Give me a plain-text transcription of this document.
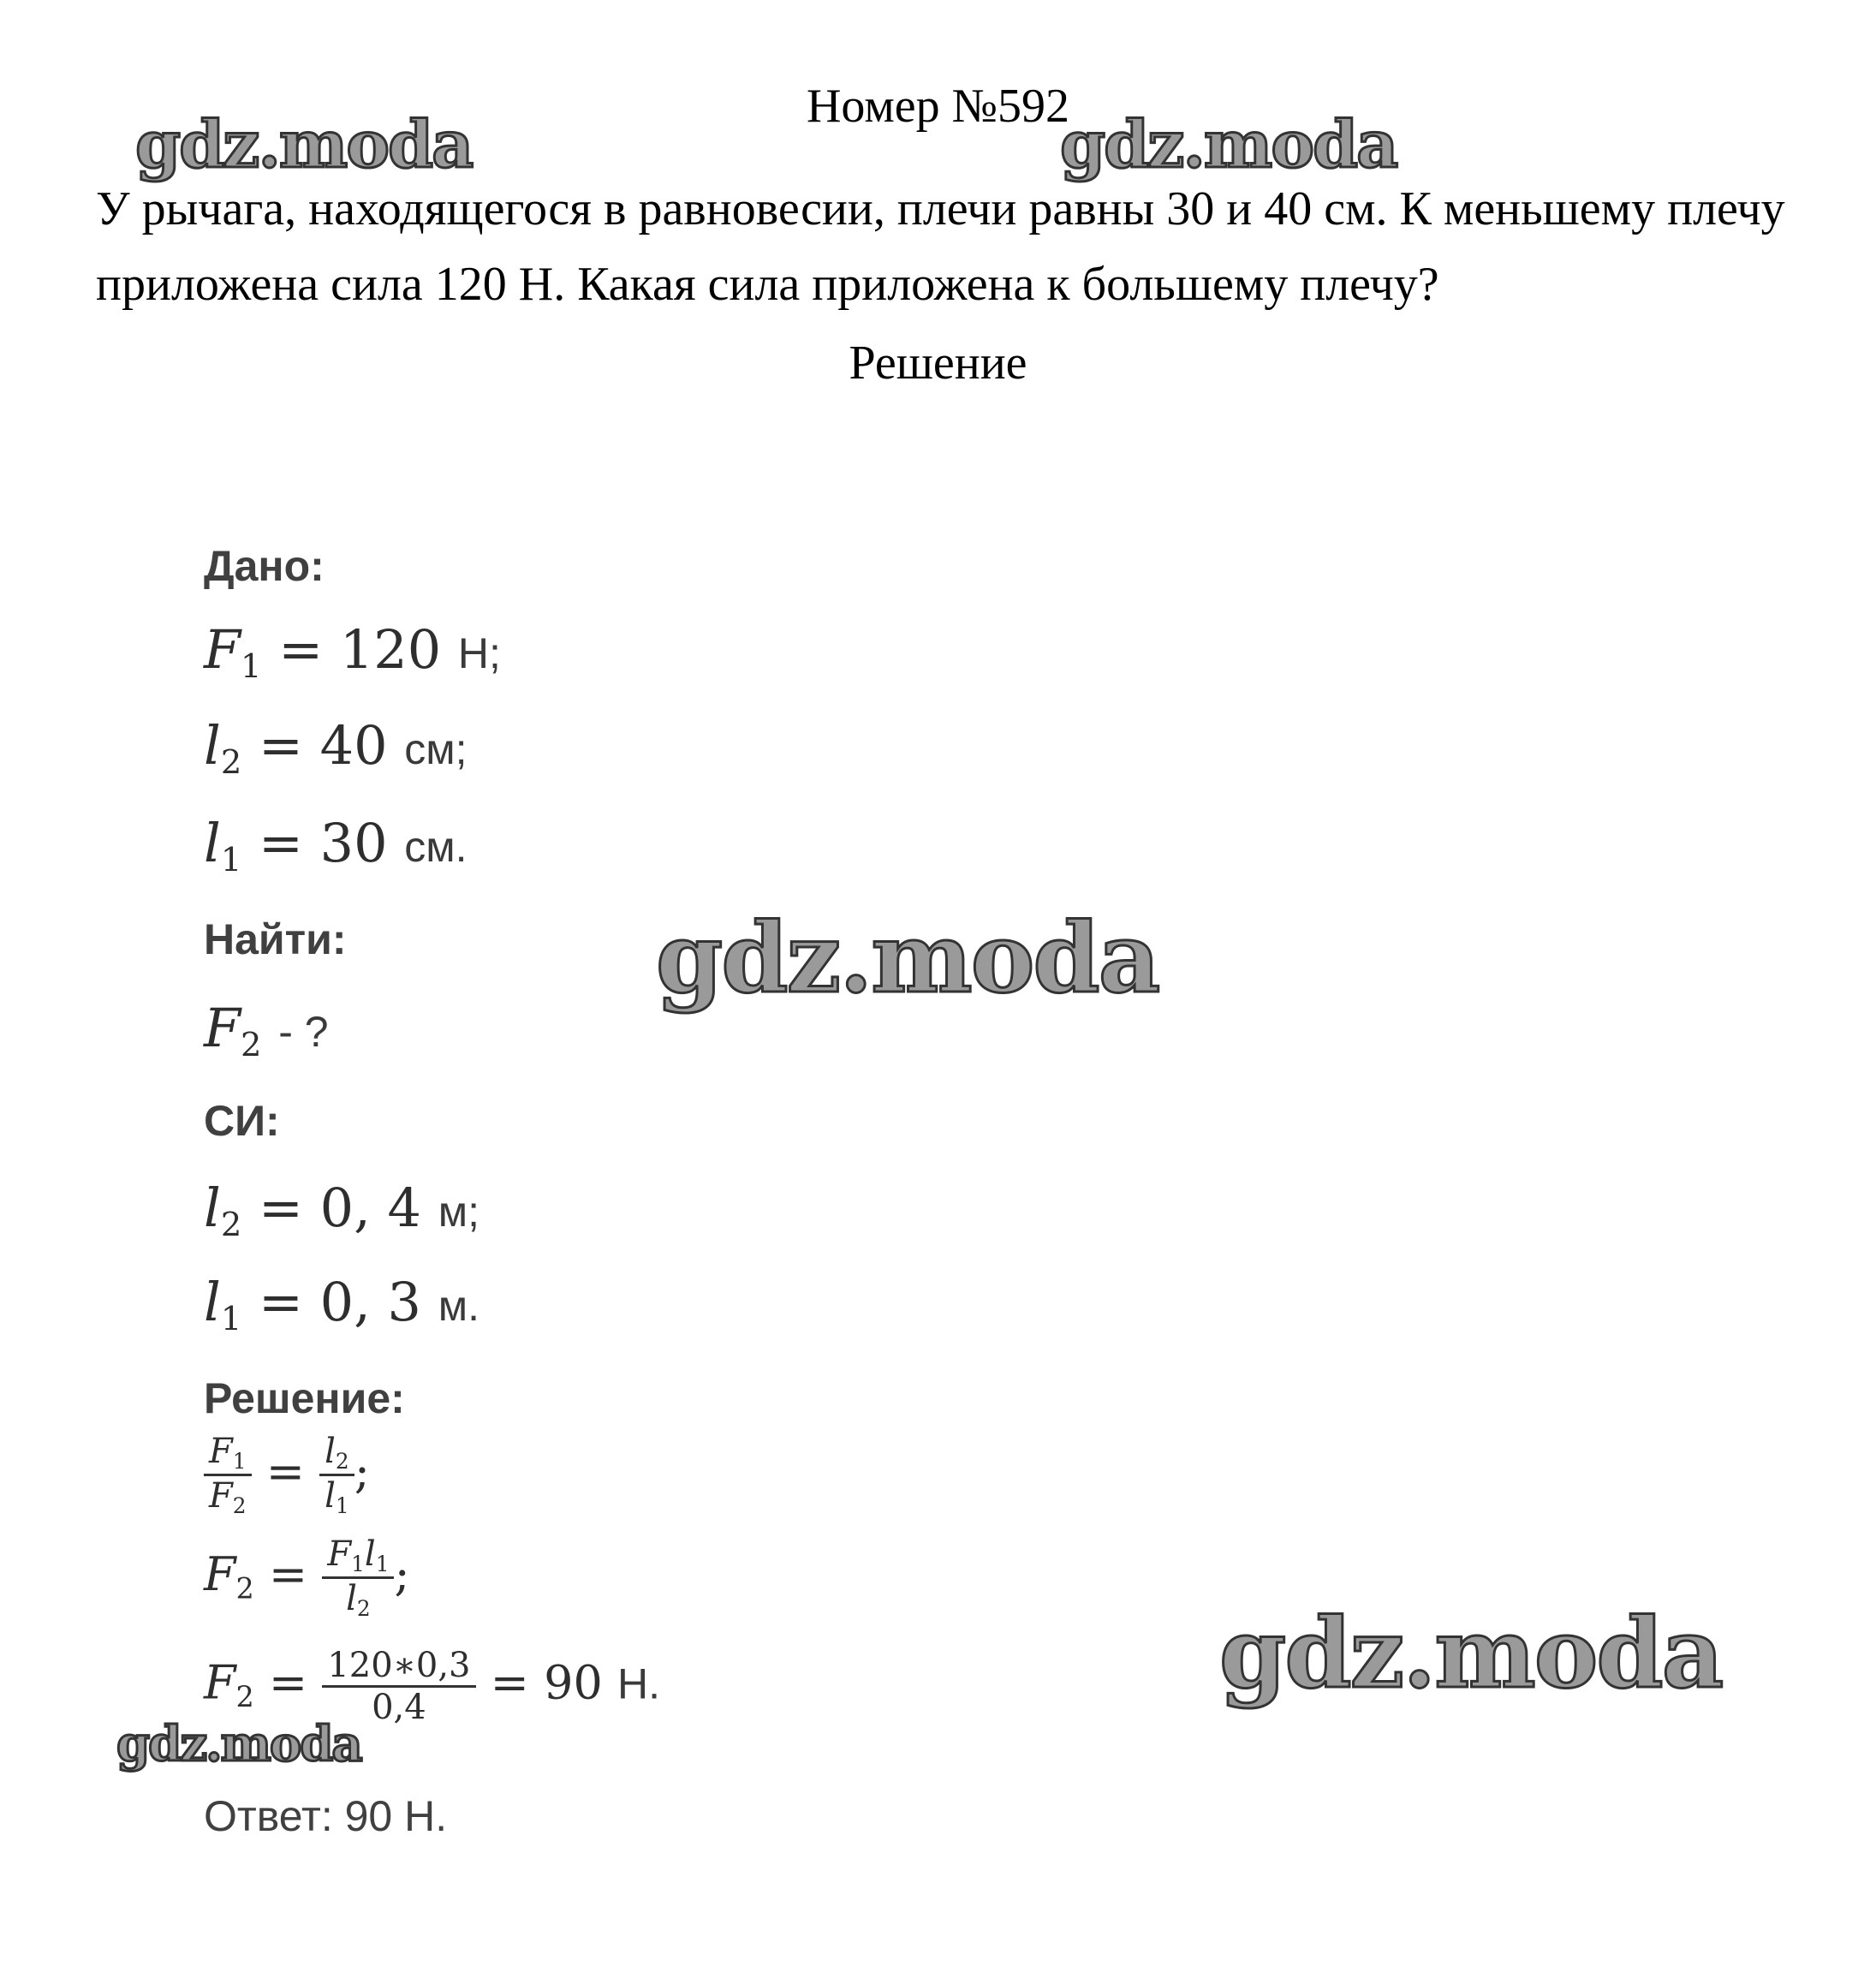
Номер №592
У рычага, находящегося в равновесии, плечи равны 30 и 40 см. К меньшему плечу приложена сила 120 Н. Какая сила приложена к большему плечу?
Решение
Дано:
$F_1 = 120$ Н;
$l_2 = 40$ см;
$l_1 = 30$ см.
Найти:
$F_2$ - ?
СИ:
$l_2 = 0$, 4 м;
$l_1 = 0$, 3 м.
Решение:
$\frac{F_1}{F_2} = \frac{l_2}{l_1}$ ;
$F_2 = \frac{F_1l_1}{l_2}$ ;
$F_2 = \frac{120∗0,3}{0,4} = 90$ Н.
Ответ: 90 Н.
gdz.moda	gdz.moda
gdz.moda
gdz.moda
gdz.moda
